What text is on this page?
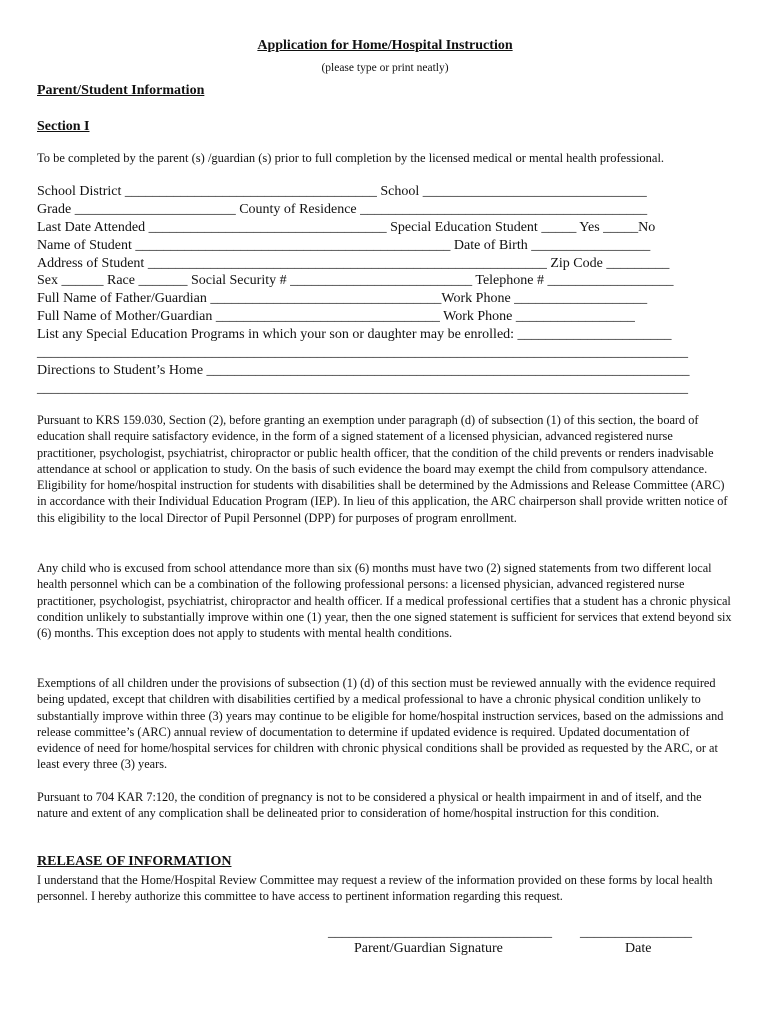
Application for Home/Hospital Instruction
(please type or print neatly)
Parent/Student Information
Section I
To be completed by the parent (s) /guardian (s) prior to full completion by the licensed medical or mental health professional.
School District ____________________________________ School ________________________________
Grade _______________________ County of Residence _________________________________________
Last Date Attended __________________________________ Special Education Student _____ Yes _____No
Name of Student _____________________________________________ Date of Birth _________________
Address of Student _________________________________________________________ Zip Code _________
Sex ______ Race _______ Social Security # __________________________ Telephone # __________________
Full Name of Father/Guardian _________________________________Work Phone ___________________
Full Name of Mother/Guardian ________________________________ Work Phone _________________
List any Special Education Programs in which your son or daughter may be enrolled: ______________________
_____________________________________________________________________________________________
Directions to Student’s Home _____________________________________________________________________
_____________________________________________________________________________________________
Pursuant to KRS 159.030, Section (2), before granting an exemption under paragraph (d) of subsection (1) of this section, the board of education shall require satisfactory evidence, in the form of a signed statement of a licensed physician, advanced registered nurse practitioner, psychologist, psychiatrist, chiropractor or public health officer, that the condition of the child prevents or renders inadvisable attendance at school or application to study. On the basis of such evidence the board may exempt the child from compulsory attendance. Eligibility for home/hospital instruction for students with disabilities shall be determined by the Admissions and Release Committee (ARC) in accordance with their Individual Education Program (IEP). In lieu of this application, the ARC chairperson shall provide written notice of this eligibility to the local Director of Pupil Personnel (DPP) for purposes of program enrollment.
Any child who is excused from school attendance more than six (6) months must have two (2) signed statements from two different local health personnel which can be a combination of the following professional persons: a licensed physician, advanced registered nurse practitioner, psychologist, psychiatrist, chiropractor and health officer. If a medical professional certifies that a student has a chronic physical condition unlikely to substantially improve within one (1) year, then the one signed statement is sufficient for services that extend beyond six (6) months. This exception does not apply to students with mental health conditions.
Exemptions of all children under the provisions of subsection (1) (d) of this section must be reviewed annually with the evidence required being updated, except that children with disabilities certified by a medical professional to have a chronic physical condition unlikely to substantially improve within three (3) years may continue to be eligible for home/hospital instruction services, based on the admissions and release committee’s (ARC) annual review of documentation to determine if updated evidence is required. Updated documentation of evidence of need for home/hospital services for children with chronic physical conditions shall be provided as requested by the ARC, or at least every three (3) years.
Pursuant to 704 KAR 7:120, the condition of pregnancy is not to be considered a physical or health impairment in and of itself, and the nature and extent of any complication shall be delineated prior to consideration of home/hospital instruction for this condition.
RELEASE OF INFORMATION
I understand that the Home/Hospital Review Committee may request a review of the information provided on these forms by local health personnel. I hereby authorize this committee to have access to pertinent information regarding this request.
________________________________ ________________
Parent/Guardian Signature	Date
